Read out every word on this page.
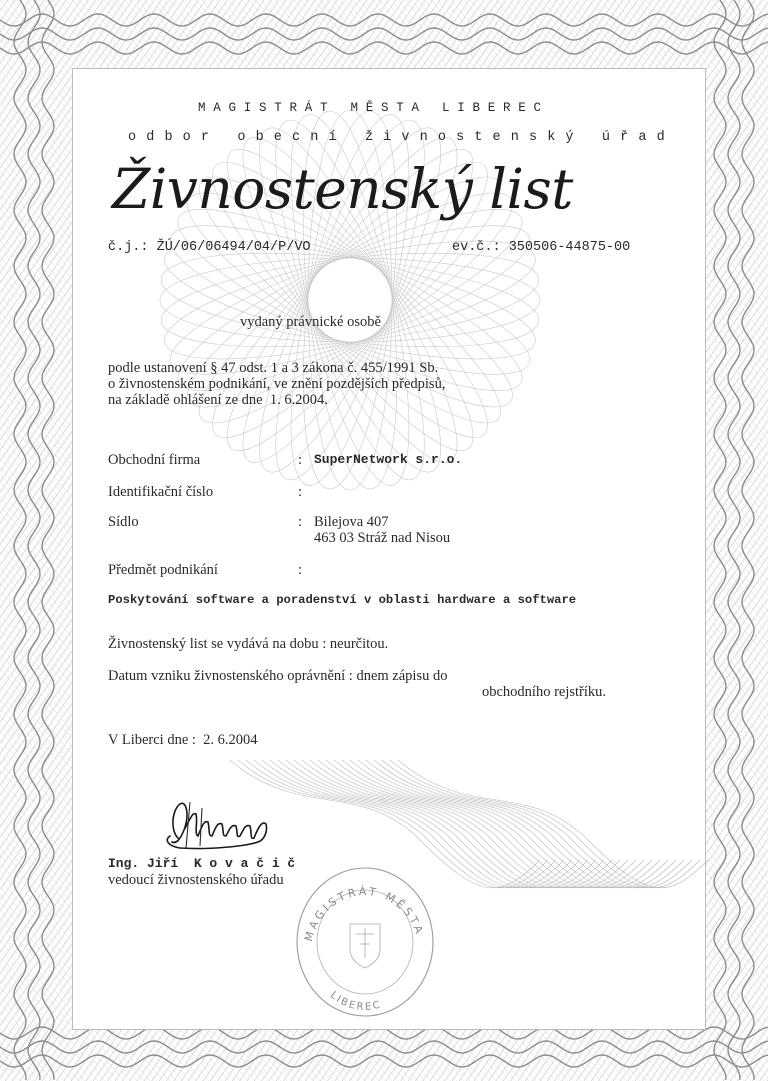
MAGISTRÁT MĚSTA LIBEREC
odbor obecní živnostenský úřad
Živnostenský list
č.j.: ŽÚ/06/06494/04/P/VO	ev.č.: 350506-44875-00
vydaný právnické osobě
podle ustanovení § 47 odst. 1 a 3 zákona č. 455/1991 Sb.
o živnostenském podnikání, ve znění pozdějších předpisů,
na základě ohlášení ze dne  1. 6.2004.
Obchodní firma	: SuperNetwork s.r.o.
Identifikační číslo	:
Sídlo	: Bilejova 407
463 03 Stráž nad Nisou
Předmět podnikání	:
Poskytování software a poradenství v oblasti hardware a software
Živnostenský list se vydává na dobu : neurčitou.
Datum vzniku živnostenského oprávnění : dnem zápisu do
obchodního rejstříku.
V Liberci dne :  2. 6.2004
Ing. Jiří  K o v a č i č
vedoucí živnostenského úřadu
MAGISTRÁT MĚSTA
LIBEREC
